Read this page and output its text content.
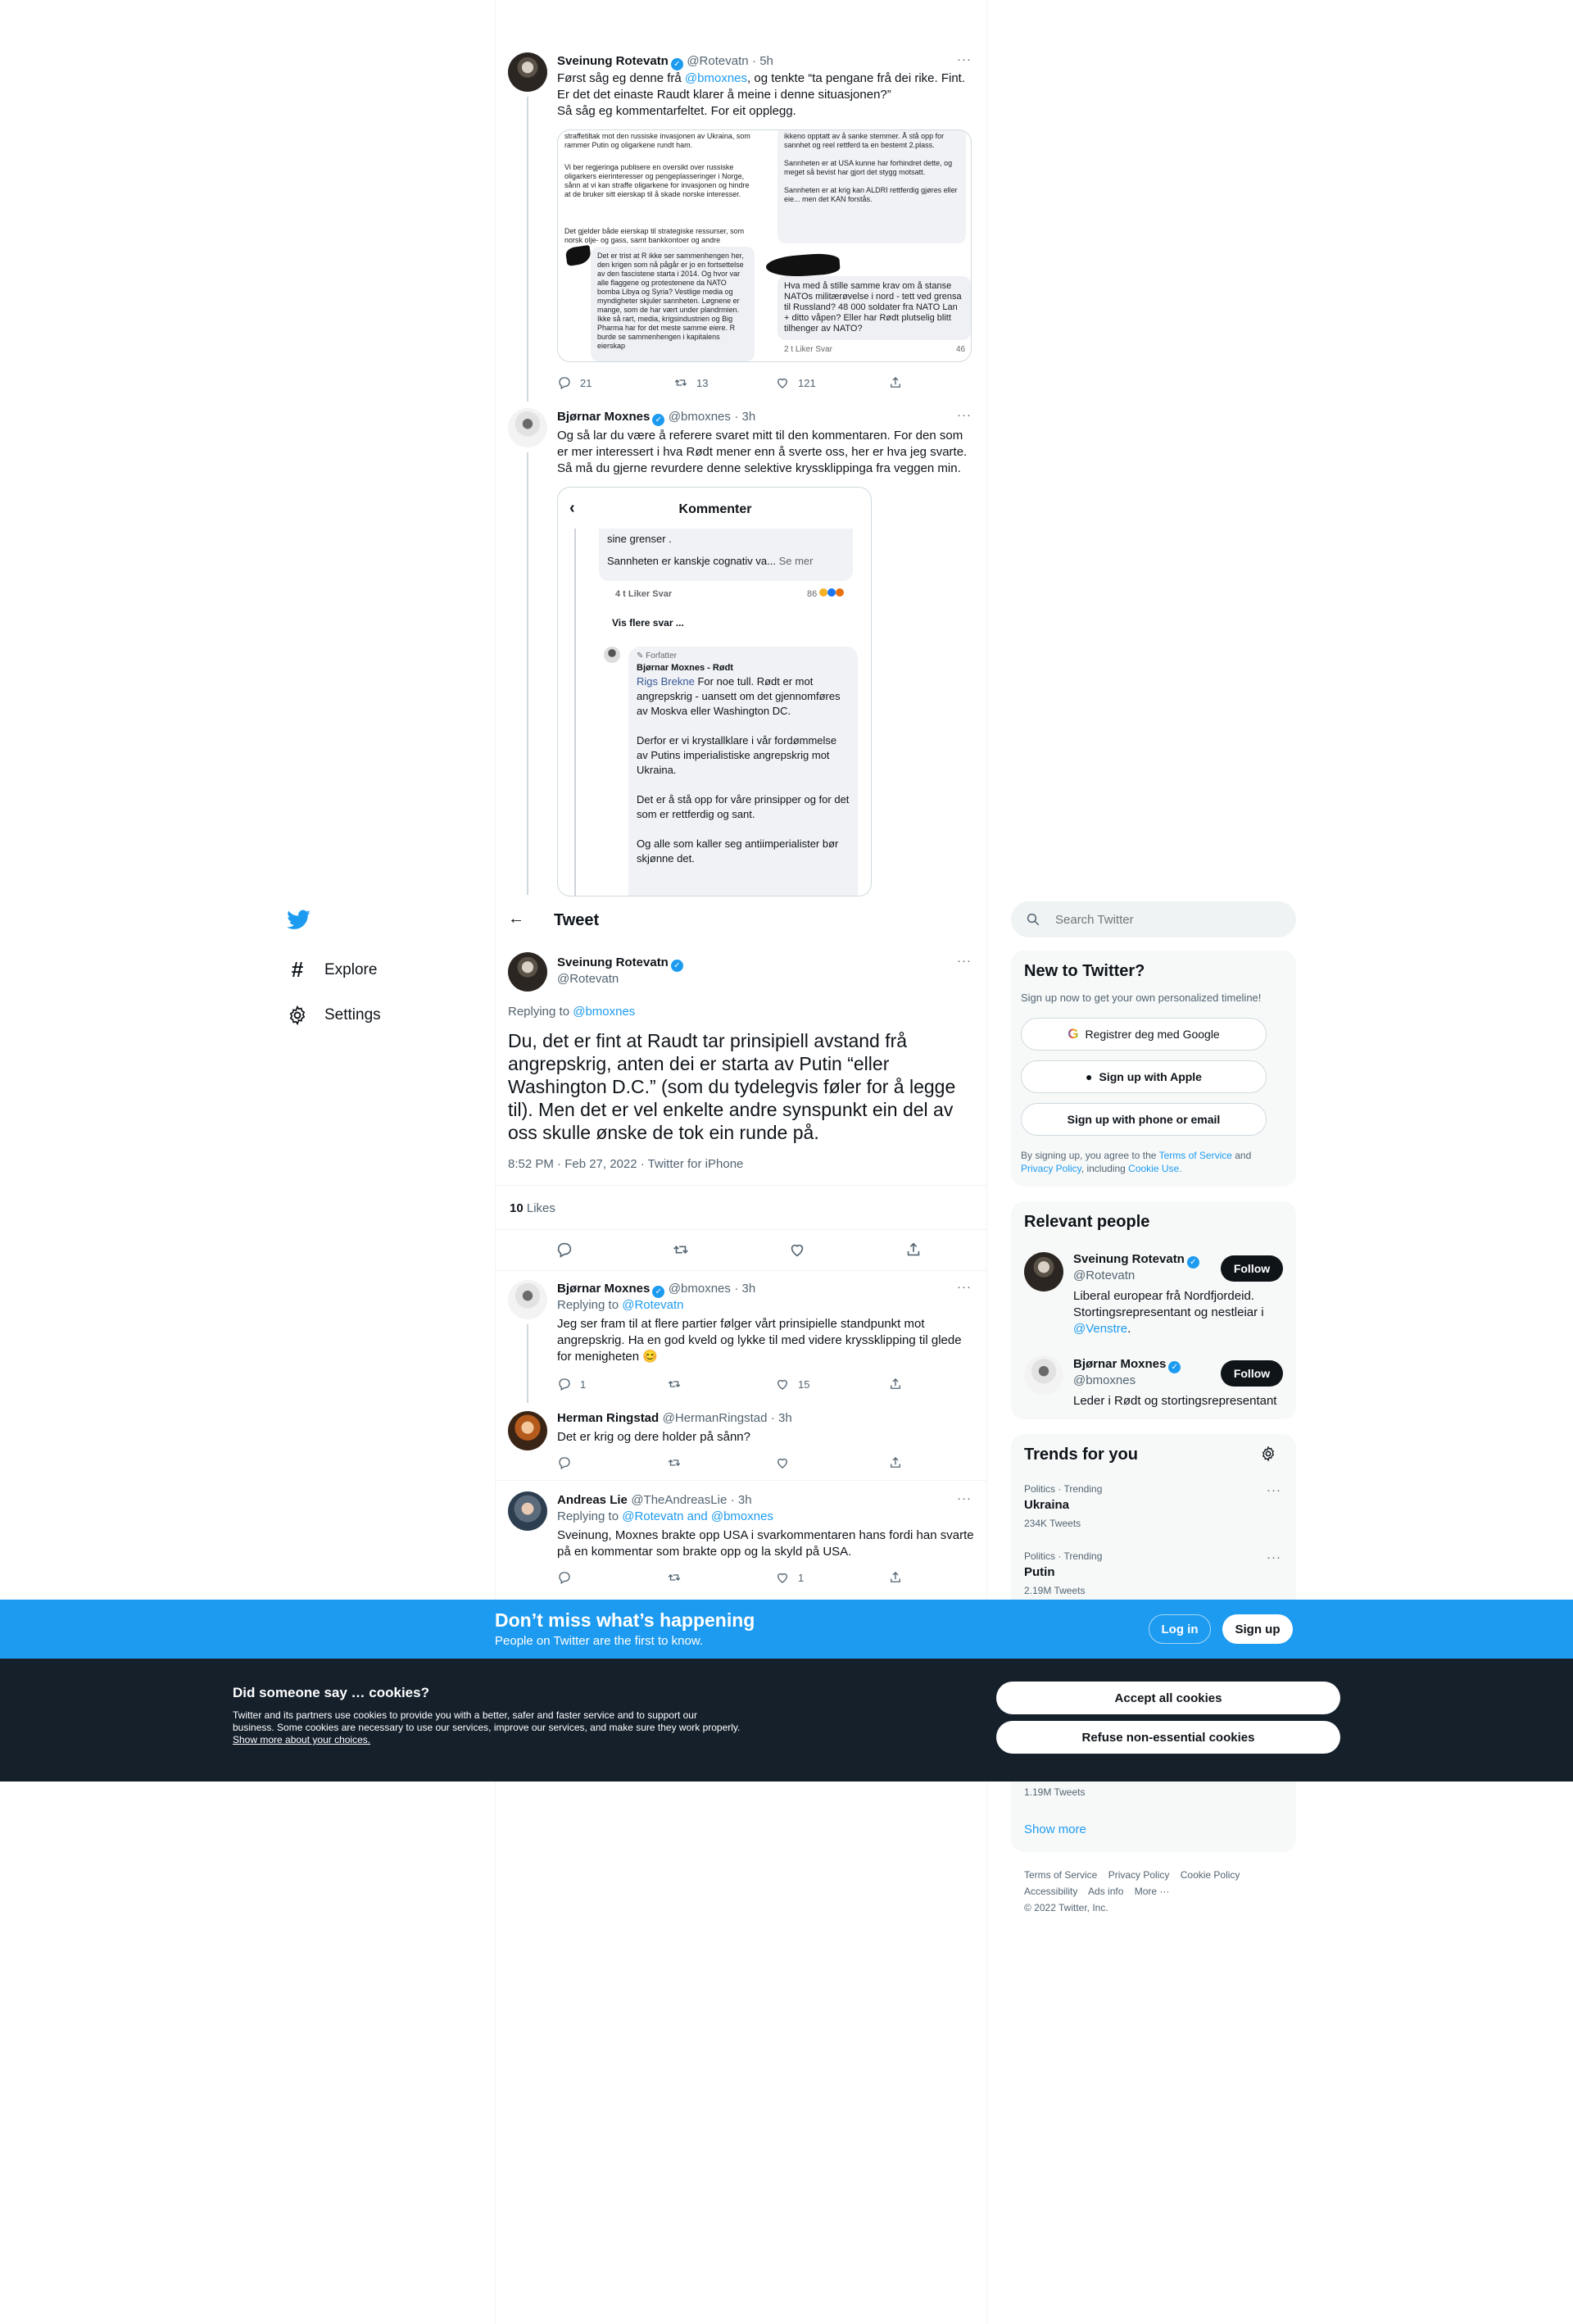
Sveinung Rotevatn ✓ @Rotevatn · 5h	···
Først såg eg denne frå @bmoxnes, og tenkte “ta pengane frå dei rike. Fint. Er det det einaste Raudt klarer å meine i denne situasjonen?”
Så såg eg kommentarfeltet. For eit opplegg.
straffetiltak mot den russiske invasjonen av Ukraina, som rammer Putin og oligarkene rundt ham.
Vi ber regjeringa publisere en oversikt over russiske oligarkers eierinteresser og pengeplasseringer i Norge, sånn at vi kan straffe oligarkene for invasjonen og hindre at de bruker sitt eierskap til å skade norske interesser.
Det gjelder både eierskap til strategiske ressurser, som norsk olje- og gass, samt bankkontoer og andre
Det er trist at R ikke ser sammenhengen her, den krigen som nå pågår er jo en fortsettelse av den fascistene starta i 2014. Og hvor var alle flaggene og protestenene da NATO bomba Libya og Syria? Vestlige media og myndigheter skjuler sannheten. Løgnene er mange, som de har vært under plandrmien. Ikke så rart, media, krigsindustrien og Big Pharma har for det meste samme eiere. R burde se sammenhengen i kapitalens eierskap
ikkeno opptatt av å sanke stemmer. Å stå opp for sannhet og reel rettferd ta en bestemt 2.plass.

Sannheten er at USA kunne har forhindret dette, og meget så bevist har gjort det stygg motsatt.

Sannheten er at krig kan ALDRI rettferdig gjøres eller eie... men det KAN forstås.
Hva med å stille samme krav om å stanse NATOs militærøvelse i nord - tett ved grensa til Russland? 48 000 soldater fra NATO Lan + ditto våpen? Eller har Rødt plutselig blitt tilhenger av NATO?
2 t Liker Svar	46
21	13	121
Bjørnar Moxnes ✓ @bmoxnes · 3h	···
Og så lar du være å referere svaret mitt til den kommentaren. For den som er mer interessert i hva Rødt mener enn å sverte oss, her er hva jeg svarte. Så må du gjerne revurdere denne selektive kryssklippinga fra veggen min.
‹	Kommenter
sine grenser .
Sannheten er kanskje cognativ va... Se mer
4 t Liker Svar	86
Vis flere svar ...
✎ Forfatter
Bjørnar Moxnes - Rødt
Rigs Brekne For noe tull. Rødt er mot angrepskrig - uansett om det gjennomføres av Moskva eller Washington DC.
Derfor er vi krystallklare i vår fordømmelse av Putins imperialistiske angrepskrig mot Ukraina.
Det er å stå opp for våre prinsipper og for det som er rettferdig og sant.
Og alle som kaller seg antiimperialister bør skjønne det.
#	Explore
Settings
← Tweet
Sveinung Rotevatn ✓
@Rotevatn
···
Replying to @bmoxnes
Du, det er fint at Raudt tar prinsipiell avstand frå angrepskrig, anten dei er starta av Putin “eller Washington D.C.” (som du tydelegvis føler for å legge til). Men det er vel enkelte andre synspunkt ein del av oss skulle ønske de tok ein runde på.
8:52 PM · Feb 27, 2022 · Twitter for iPhone
10 Likes
Bjørnar Moxnes ✓ @bmoxnes · 3h	···
Replying to @Rotevatn
Jeg ser fram til at flere partier følger vårt prinsipielle standpunkt mot angrepskrig. Ha en god kveld og lykke til med videre kryssklipping til glede for menigheten 😊
1	15
Herman Ringstad @HermanRingstad · 3h
Det er krig og dere holder på sånn?
Andreas Lie @TheAndreasLie · 3h	···
Replying to @Rotevatn and @bmoxnes
Sveinung, Moxnes brakte opp USA i svarkommentaren hans fordi han svarte på en kommentar som brakte opp og la skyld på USA.
1
Search Twitter
New to Twitter?
Sign up now to get your own personalized timeline!
G Registrer deg med Google
● Sign up with Apple
Sign up with phone or email
By signing up, you agree to the Terms of Service and Privacy Policy, including Cookie Use.
Relevant people
Sveinung Rotevatn ✓
@Rotevatn	Follow
Liberal europear frå Nordfjordeid. Stortingsrepresentant og nestleiar i @Venstre.
Bjørnar Moxnes ✓
@bmoxnes	Follow
Leder i Rødt og stortingsrepresentant
Trends for you
Politics · Trending
Ukraina
234K Tweets
···
Politics · Trending
Putin
2.19M Tweets
···
1.19M Tweets
Show more
Terms of Service Privacy Policy Cookie Policy
Accessibility Ads info More ···
© 2022 Twitter, Inc.
Don’t miss what’s happening
People on Twitter are the first to know.
Log in	Sign up
Did someone say … cookies?
Twitter and its partners use cookies to provide you with a better, safer and faster service and to support our business. Some cookies are necessary to use our services, improve our services, and make sure they work properly. Show more about your choices.
Accept all cookies
Refuse non-essential cookies
